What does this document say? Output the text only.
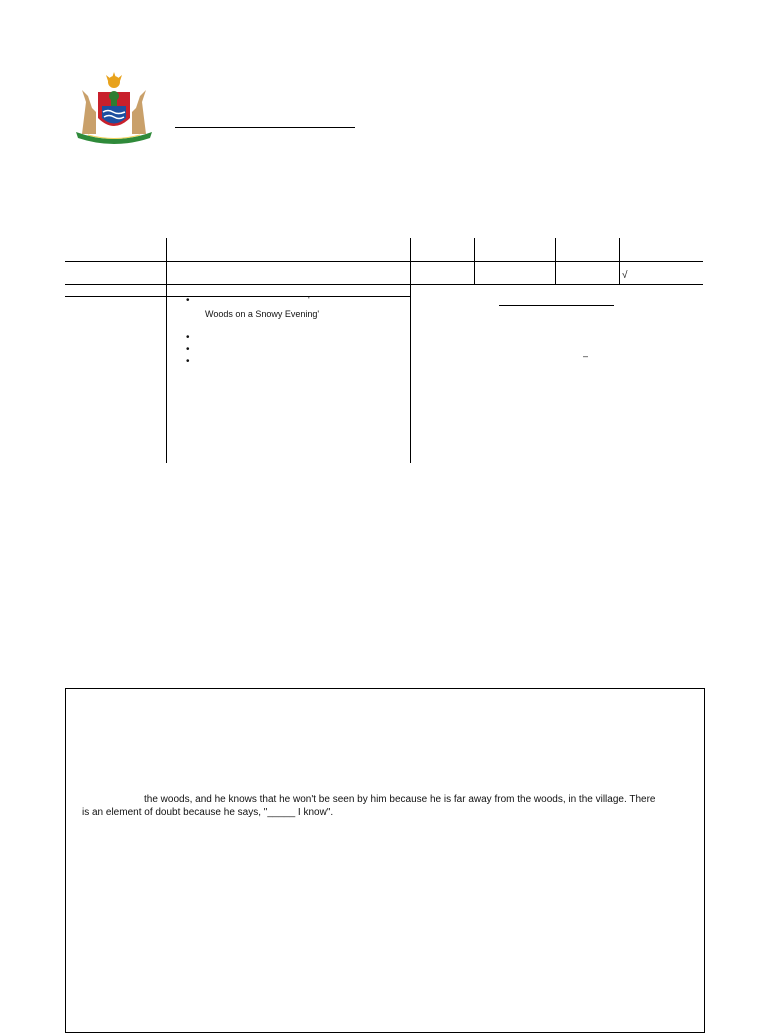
√
•	'
Woods on a Snowy Evening'
•
•
•	–
the woods, and he knows that he won't be seen by him because he is far away from the woods, in the village. There
is an element of doubt because he says, "_____ I know".
